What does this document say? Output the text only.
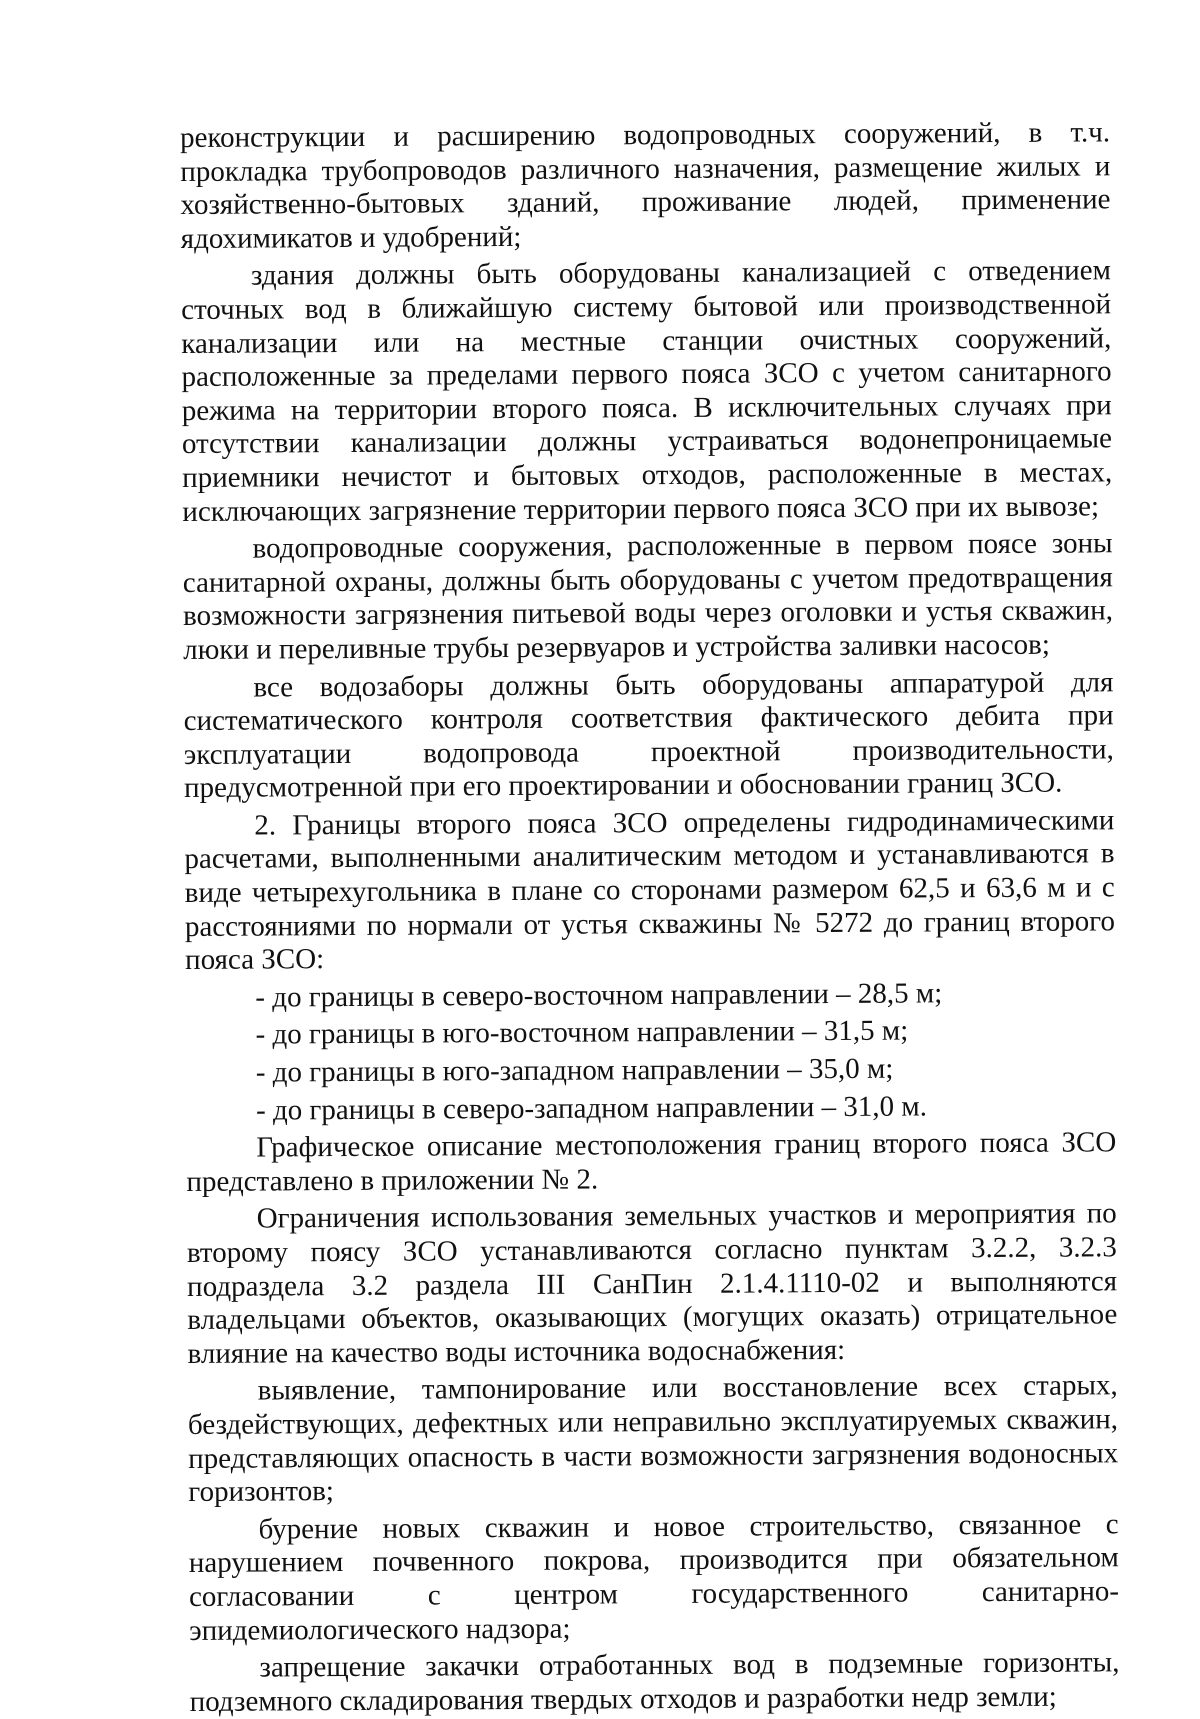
реконструкции и расширению водопроводных сооружений, в т.ч. прокладка трубопроводов различного назначения, размещение жилых и хозяйственно-бытовых зданий, проживание людей, применение ядохимикатов и удобрений;

здания должны быть оборудованы канализацией с отведением сточных вод в ближайшую систему бытовой или производственной канализации или на местные станции очистных сооружений, расположенные за пределами первого пояса ЗСО с учетом санитарного режима на территории второго пояса. В исключительных случаях при отсутствии канализации должны устраиваться водонепроницаемые приемники нечистот и бытовых отходов, расположенные в местах, исключающих загрязнение территории первого пояса ЗСО при их вывозе;

водопроводные сооружения, расположенные в первом поясе зоны санитарной охраны, должны быть оборудованы с учетом предотвращения возможности загрязнения питьевой воды через оголовки и устья скважин, люки и переливные трубы резервуаров и устройства заливки насосов;

все водозаборы должны быть оборудованы аппаратурой для систематического контроля соответствия фактического дебита при эксплуатации водопровода проектной производительности, предусмотренной при его проектировании и обосновании границ ЗСО.

2. Границы второго пояса ЗСО определены гидродинамическими расчетами, выполненными аналитическим методом и устанавливаются в виде четырехугольника в плане со сторонами размером 62,5 и 63,6 м и с расстояниями по нормали от устья скважины № 5272 до границ второго пояса ЗСО:

- до границы в северо-восточном направлении – 28,5 м;

- до границы в юго-восточном направлении – 31,5 м;

- до границы в юго-западном направлении – 35,0 м;

- до границы в северо-западном направлении – 31,0 м.

Графическое описание местоположения границ второго пояса ЗСО представлено в приложении № 2.

Ограничения использования земельных участков и мероприятия по второму поясу ЗСО устанавливаются согласно пунктам 3.2.2, 3.2.3 подраздела 3.2 раздела III СанПин 2.1.4.1110-02 и выполняются владельцами объектов, оказывающих (могущих оказать) отрицательное влияние на качество воды источника водоснабжения:

выявление, тампонирование или восстановление всех старых, бездействующих, дефектных или неправильно эксплуатируемых скважин, представляющих опасность в части возможности загрязнения водоносных горизонтов;

бурение новых скважин и новое строительство, связанное с нарушением почвенного покрова, производится при обязательном согласовании с центром государственного санитарно-эпидемиологического надзора;

запрещение закачки отработанных вод в подземные горизонты, подземного складирования твердых отходов и разработки недр земли;
